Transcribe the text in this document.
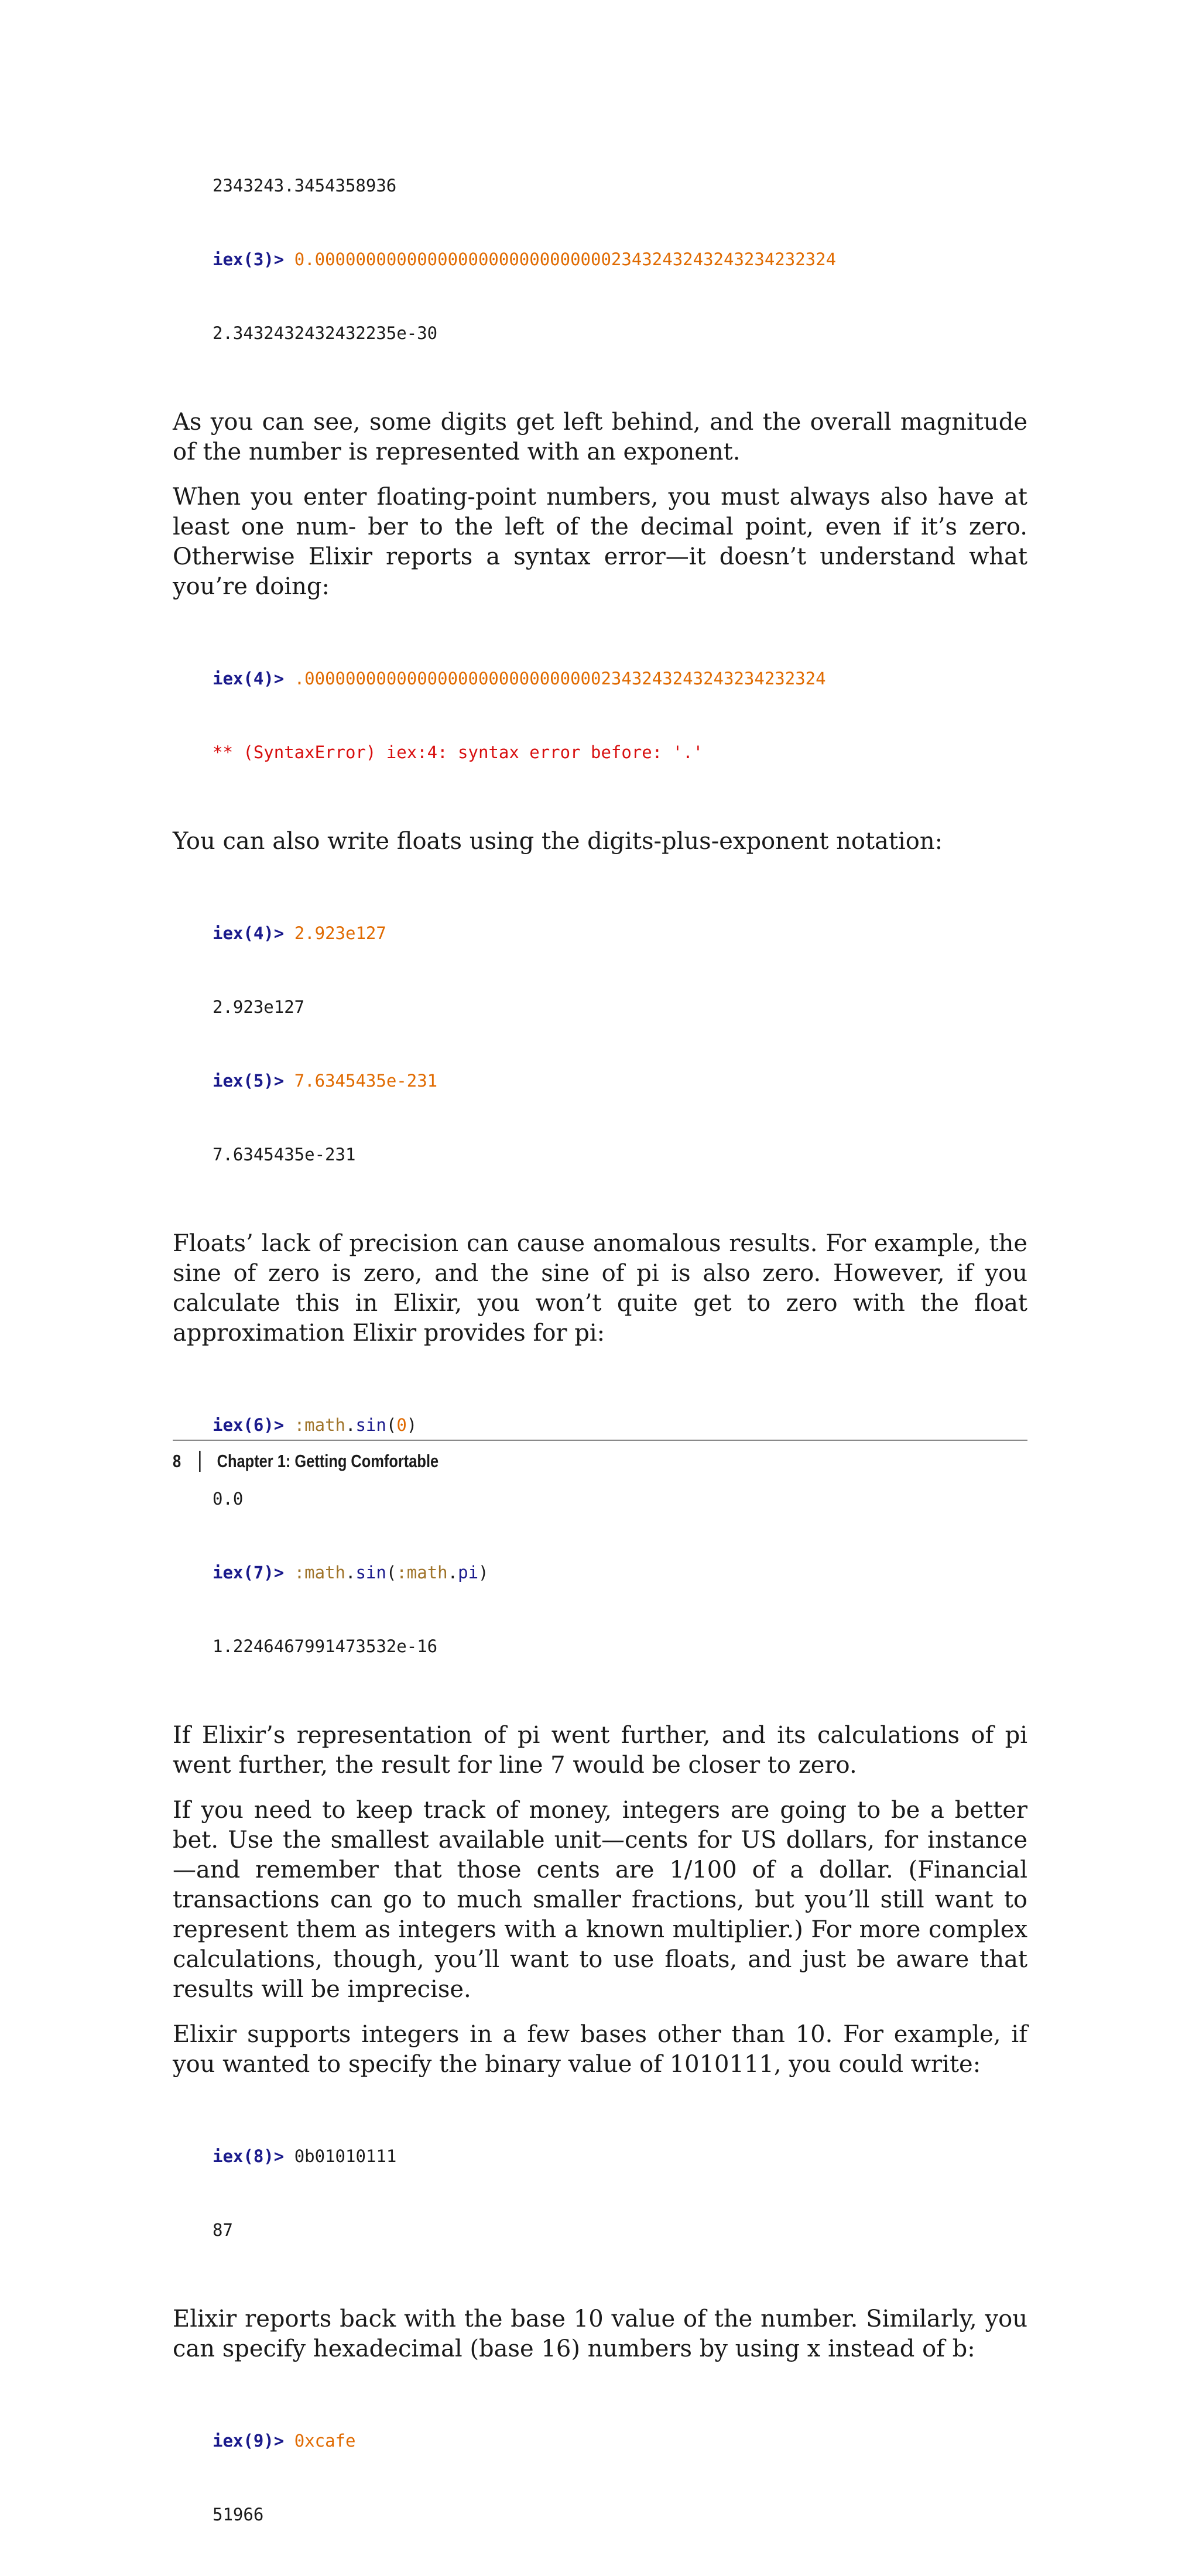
2343243.3454358936

iex(3)> 0.000000000000000000000000000002343243243243234232324

2.3432432432432235e-30

As you can see, some digits get left behind, and the overall magnitude of the number is represented with an exponent.

When you enter floating-point numbers, you must always also have at least one num- ber to the left of the decimal point, even if it’s zero. Otherwise Elixir reports a syntax error—it doesn’t understand what you’re doing:

iex(4)> .000000000000000000000000000002343243243243234232324

** (SyntaxError) iex:4: syntax error before: '.'

You can also write floats using the digits-plus-exponent notation:

iex(4)> 2.923e127

2.923e127

iex(5)> 7.6345435e-231

7.6345435e-231

Floats’ lack of precision can cause anomalous results. For example, the sine of zero is zero, and the sine of pi is also zero. However, if you calculate this in Elixir, you won’t quite get to zero with the float approximation Elixir provides for pi:

iex(6)> :math.sin(0)

0.0

iex(7)> :math.sin(:math.pi)

1.2246467991473532e-16

If Elixir’s representation of pi went further, and its calculations of pi went further, the result for line 7 would be closer to zero.

If you need to keep track of money, integers are going to be a better bet. Use the smallest available unit—cents for US dollars, for instance—and remember that those cents are 1/100 of a dollar. (Financial transactions can go to much smaller fractions, but you’ll still want to represent them as integers with a known multiplier.) For more complex calculations, though, you’ll want to use floats, and just be aware that results will be imprecise.

Elixir supports integers in a few bases other than 10. For example, if you wanted to specify the binary value of 1010111, you could write:

iex(8)> 0b01010111

87

Elixir reports back with the base 10 value of the number. Similarly, you can specify hexadecimal (base 16) numbers by using x instead of b:

iex(9)> 0xcafe

51966

8 Chapter 1: Getting Comfortable
